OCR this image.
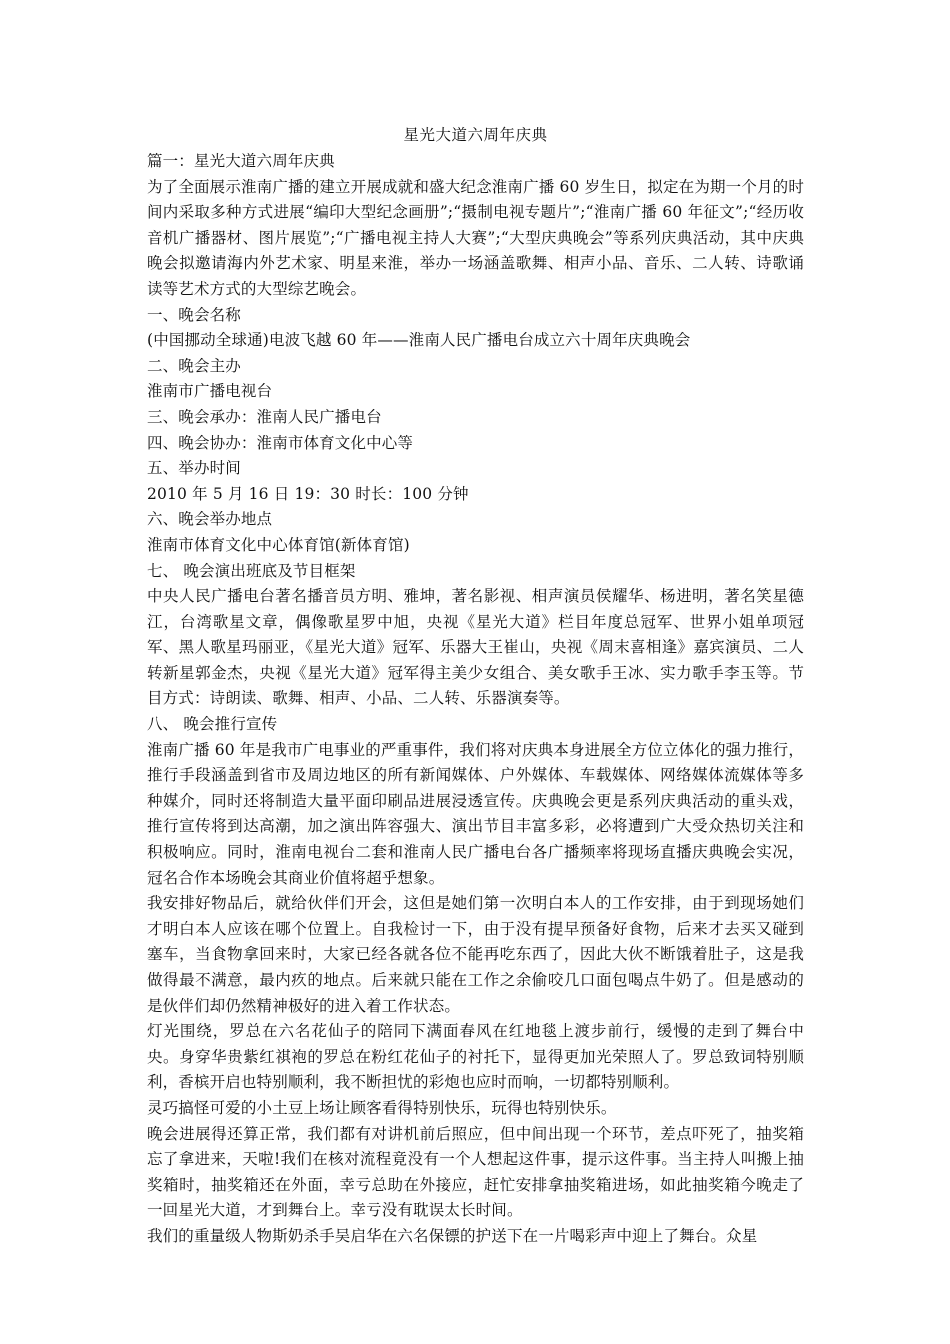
星光大道六周年庆典

篇一：星光大道六周年庆典

为了全面展示淮南广播的建立开展成就和盛大纪念淮南广播 60 岁生日，拟定在为期一个月的时间内采取多种方式进展“编印大型纪念画册”;“摄制电视专题片”;“淮南广播 60 年征文”;“经历收音机广播器材、图片展览”;“广播电视主持人大赛”;“大型庆典晚会”等系列庆典活动，其中庆典晚会拟邀请海内外艺术家、明星来淮，举办一场涵盖歌舞、相声小品、音乐、二人转、诗歌诵读等艺术方式的大型综艺晚会。

一、晚会名称

(中国挪动全球通)电波飞越 60 年——淮南人民广播电台成立六十周年庆典晚会

二、晚会主办

淮南市广播电视台

三、晚会承办：淮南人民广播电台

四、晚会协办：淮南市体育文化中心等

五、举办时间

2010 年 5 月 16 日 19：30 时长：100 分钟

六、晚会举办地点

淮南市体育文化中心体育馆(新体育馆)

七、 晚会演出班底及节目框架

中央人民广播电台著名播音员方明、雅坤，著名影视、相声演员侯耀华、杨进明，著名笑星德江，台湾歌星文章，偶像歌星罗中旭，央视《星光大道》栏目年度总冠军、世界小姐单项冠军、黑人歌星玛丽亚，《星光大道》冠军、乐器大王崔山，央视《周末喜相逢》嘉宾演员、二人转新星郭金杰，央视《星光大道》冠军得主美少女组合、美女歌手王冰、实力歌手李玉等。节目方式：诗朗读、歌舞、相声、小品、二人转、乐器演奏等。

八、 晚会推行宣传

淮南广播 60 年是我市广电事业的严重事件，我们将对庆典本身进展全方位立体化的强力推行，推行手段涵盖到省市及周边地区的所有新闻媒体、户外媒体、车载媒体、网络媒体流媒体等多种媒介，同时还将制造大量平面印刷品进展浸透宣传。庆典晚会更是系列庆典活动的重头戏，推行宣传将到达高潮，加之演出阵容强大、演出节目丰富多彩，必将遭到广大受众热切关注和积极响应。同时，淮南电视台二套和淮南人民广播电台各广播频率将现场直播庆典晚会实况，冠名合作本场晚会其商业价值将超乎想象。

我安排好物品后，就给伙伴们开会，这但是她们第一次明白本人的工作安排，由于到现场她们才明白本人应该在哪个位置上。自我检讨一下，由于没有提早预备好食物，后来才去买又碰到塞车，当食物拿回来时，大家已经各就各位不能再吃东西了，因此大伙不断饿着肚子，这是我做得最不满意，最内疚的地点。后来就只能在工作之余偷咬几口面包喝点牛奶了。但是感动的是伙伴们却仍然精神极好的进入着工作状态。

灯光围绕，罗总在六名花仙子的陪同下满面春风在红地毯上渡步前行，缓慢的走到了舞台中央。身穿华贵紫红祺袍的罗总在粉红花仙子的衬托下，显得更加光荣照人了。罗总致词特别顺利，香槟开启也特别顺利，我不断担忧的彩炮也应时而响，一切都特别顺利。

灵巧搞怪可爱的小土豆上场让顾客看得特别快乐，玩得也特别快乐。

晚会进展得还算正常，我们都有对讲机前后照应，但中间出现一个环节，差点吓死了，抽奖箱忘了拿进来，天啦!我们在核对流程竟没有一个人想起这件事，提示这件事。当主持人叫搬上抽奖箱时，抽奖箱还在外面，幸亏总助在外接应，赶忙安排拿抽奖箱进场，如此抽奖箱今晚走了一回星光大道，才到舞台上。幸亏没有耽误太长时间。

我们的重量级人物斯奶杀手吴启华在六名保镖的护送下在一片喝彩声中迎上了舞台。众星
